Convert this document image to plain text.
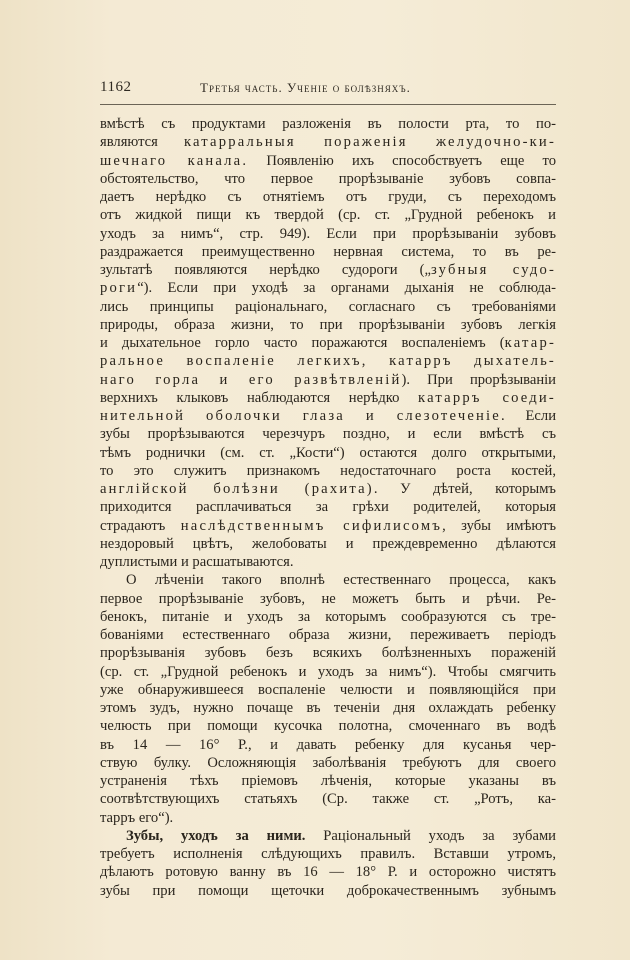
1162	Третья часть. Ученіе о болѣзняхъ.
вмѣстѣ съ продуктами разложенія въ полости рта, то по-
являются катарральныя пораженія желудочно-ки-
шечнаго канала. Появленію ихъ способствуетъ еще то
обстоятельство, что первое прорѣзываніе зубовъ совпа-
даетъ нерѣдко съ отнятіемъ отъ груди, съ переходомъ
отъ жидкой пищи къ твердой (ср. ст. „Грудной ребенокъ и
уходъ за нимъ“, стр. 949). Если при прорѣзываніи зубовъ
раздражается преимущественно нервная система, то въ ре-
зультатѣ появляются нерѣдко судороги („зубныя судо-
роги“). Если при уходѣ за органами дыханія не соблюда-
лись принципы раціональнаго, согласнаго съ требованіями
природы, образа жизни, то при прорѣзываніи зубовъ легкія
и дыхательное горло часто поражаются воспаленіемъ (катар-
ральное воспаленіе легкихъ, катарръ дыхатель-
наго горла и его развѣтвленій). При прорѣзываніи
верхнихъ клыковъ наблюдаются нерѣдко катарръ соеди-
нительной оболочки глаза и слезотеченіе. Если
зубы прорѣзываются черезчуръ поздно, и если вмѣстѣ съ
тѣмъ роднички (см. ст. „Кости“) остаются долго открытыми,
то это служитъ признакомъ недостаточнаго роста костей,
англійской болѣзни (рахита). У дѣтей, которымъ
приходится расплачиваться за грѣхи родителей, которыя
страдаютъ наслѣдственнымъ сифилисомъ, зубы имѣютъ
нездоровый цвѣтъ, желобоваты и преждевременно дѣлаются
дуплистыми и расшатываются.
О лѣченіи такого вполнѣ естественнаго процесса, какъ
первое прорѣзываніе зубовъ, не можетъ быть и рѣчи. Ре-
бенокъ, питаніе и уходъ за которымъ сообразуются съ тре-
бованіями естественнаго образа жизни, переживаетъ періодъ
прорѣзыванія зубовъ безъ всякихъ болѣзненныхъ пораженій
(ср. ст. „Грудной ребенокъ и уходъ за нимъ“). Чтобы смягчить
уже обнаружившееся воспаленіе челюсти и появляющійся при
этомъ зудъ, нужно почаще въ теченіи дня охлаждать ребенку
челюсть при помощи кусочка полотна, смоченнаго въ водѣ
въ 14 — 16° Р., и давать ребенку для кусанья чер-
ствую булку. Осложняющія заболѣванія требуютъ для своего
устраненія тѣхъ пріемовъ лѣченія, которые указаны въ
соотвѣтствующихъ статьяхъ (Ср. также ст. „Ротъ, ка-
тарръ его“).
Зубы, уходъ за ними. Раціональный уходъ за зубами
требуетъ исполненія слѣдующихъ правилъ. Вставши утромъ,
дѣлаютъ ротовую ванну въ 16 — 18° Р. и осторожно чистятъ
зубы при помощи щеточки доброкачественнымъ зубнымъ
